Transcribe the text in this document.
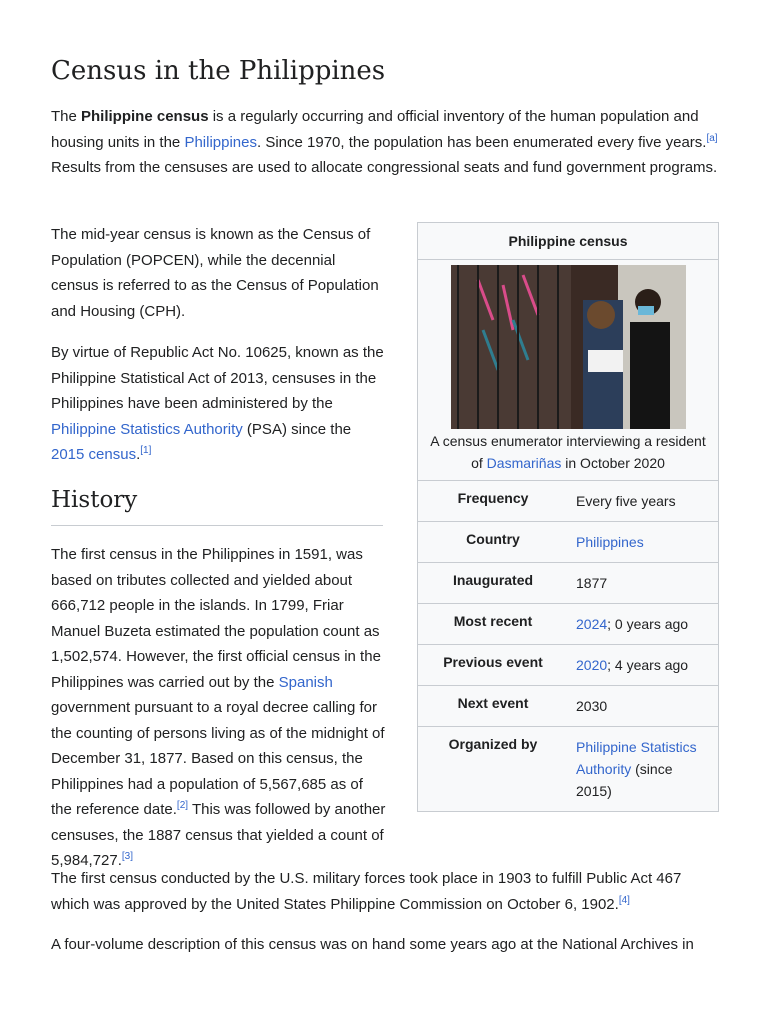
Census in the Philippines

The Philippine census is a regularly occurring and official inventory of the human population and housing units in the Philippines. Since 1970, the population has been enumerated every five years.[a] Results from the censuses are used to allocate congressional seats and fund government programs.

The mid-year census is known as the Census of Population (POPCEN), while the decennial census is referred to as the Census of Population and Housing (CPH).

By virtue of Republic Act No. 10625, known as the Philippine Statistical Act of 2013, censuses in the Philippines have been administered by the Philippine Statistics Authority (PSA) since the 2015 census.[1]

History

The first census in the Philippines in 1591, was based on tributes collected and yielded about 666,712 people in the islands. In 1799, Friar Manuel Buzeta estimated the population count as 1,502,574. However, the first official census in the Philippines was carried out by the Spanish government pursuant to a royal decree calling for the counting of persons living as of the midnight of December 31, 1877. Based on this census, the Philippines had a population of 5,567,685 as of the reference date.[2] This was followed by another censuses, the 1887 census that yielded a count of 5,984,727.[3]

The first census conducted by the U.S. military forces took place in 1903 to fulfill Public Act 467 which was approved by the United States Philippine Commission on October 6, 1902.[4]

A four-volume description of this census was on hand some years ago at the National Archives in

Philippine census
A census enumerator interviewing a resident of Dasmariñas in October 2020
Frequency	Every five years
Country	Philippines
Inaugurated	1877
Most recent	2024; 0 years ago
Previous event	2020; 4 years ago
Next event	2030
Organized by	Philippine Statistics Authority (since 2015)
